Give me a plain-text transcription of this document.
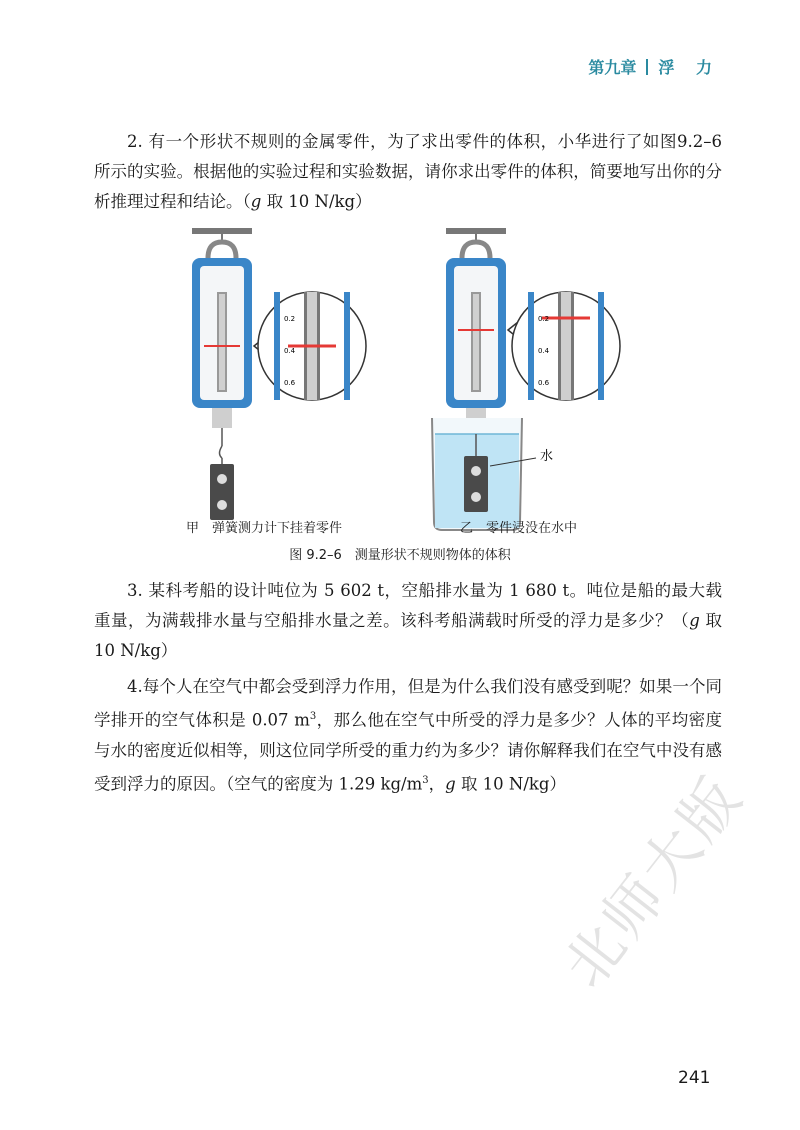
第九章 浮 力

2. 有一个形状不规则的金属零件，为了求出零件的体积，小华进行了如图9.2–6 所示的实验。根据他的实验过程和实验数据，请你求出零件的体积，简要地写出你的分析推理过程和结论。（g 取 10 N/kg）

0.2
0.4
0.6
水
0.2
0.4
0.6
甲　弹簧测力计下挂着零件	乙　零件浸没在水中
图 9.2–6　测量形状不规则物体的体积

3. 某科考船的设计吨位为 5 602 t，空船排水量为 1 680 t。吨位是船的最大载重量，为满载排水量与空船排水量之差。该科考船满载时所受的浮力是多少？（g 取 10 N/kg）

4.每个人在空气中都会受到浮力作用，但是为什么我们没有感受到呢？如果一个同学排开的空气体积是 0.07 $m^3$，那么他在空气中所受的浮力是多少？人体的平均密度与水的密度近似相等，则这位同学所受的重力约为多少？请你解释我们在空气中没有感受到浮力的原因。（空气的密度为 1.29 $kg/m^3$，g 取 10 N/kg）

北师大版
241
